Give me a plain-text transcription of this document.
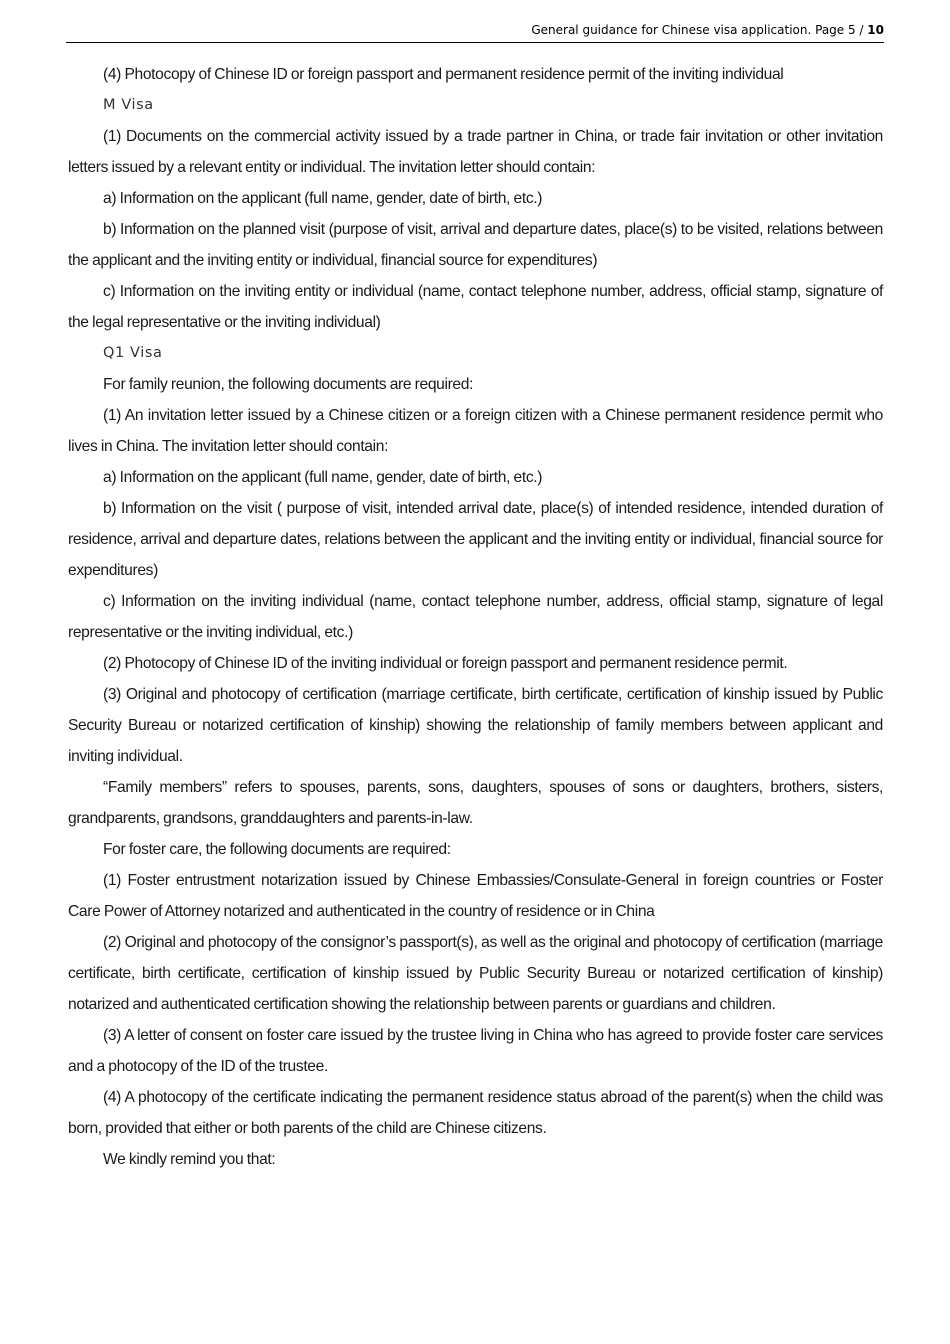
General guidance for Chinese visa application. Page 5 / 10

(4) Photocopy of Chinese ID or foreign passport and permanent residence permit of the inviting individual

M Visa

(1) Documents on the commercial activity issued by a trade partner in China, or trade fair invitation or other invitation letters issued by a relevant entity or individual. The invitation letter should contain:

a) Information on the applicant (full name, gender, date of birth, etc.)

b) Information on the planned visit (purpose of visit, arrival and departure dates, place(s) to be visited, relations between the applicant and the inviting entity or individual, financial source for expenditures)

c) Information on the inviting entity or individual (name, contact telephone number, address, official stamp, signature of the legal representative or the inviting individual)

Q1 Visa

For family reunion, the following documents are required:

(1) An invitation letter issued by a Chinese citizen or a foreign citizen with a Chinese permanent residence permit who lives in China. The invitation letter should contain:

a) Information on the applicant (full name, gender, date of birth, etc.)

b) Information on the visit ( purpose of visit, intended arrival date, place(s) of intended residence, intended duration of residence, arrival and departure dates, relations between the applicant and the inviting entity or individual, financial source for expenditures)

c) Information on the inviting individual (name, contact telephone number, address, official stamp, signature of legal representative or the inviting individual, etc.)

(2) Photocopy of Chinese ID of the inviting individual or foreign passport and permanent residence permit.

(3) Original and photocopy of certification (marriage certificate, birth certificate, certification of kinship issued by Public Security Bureau or notarized certification of kinship) showing the relationship of family members between applicant and inviting individual.

“Family members” refers to spouses, parents, sons, daughters, spouses of sons or daughters, brothers, sisters, grandparents, grandsons, granddaughters and parents-in-law.

For foster care, the following documents are required:

(1) Foster entrustment notarization issued by Chinese Embassies/Consulate-General in foreign countries or Foster Care Power of Attorney notarized and authenticated in the country of residence or in China

(2) Original and photocopy of the consignor’s passport(s), as well as the original and photocopy of certification (marriage certificate, birth certificate, certification of kinship issued by Public Security Bureau or notarized certification of kinship) notarized and authenticated certification showing the relationship between parents or guardians and children.

(3) A letter of consent on foster care issued by the trustee living in China who has agreed to provide foster care services and a photocopy of the ID of the trustee.

(4) A photocopy of the certificate indicating the permanent residence status abroad of the parent(s) when the child was born, provided that either or both parents of the child are Chinese citizens.

We kindly remind you that:
